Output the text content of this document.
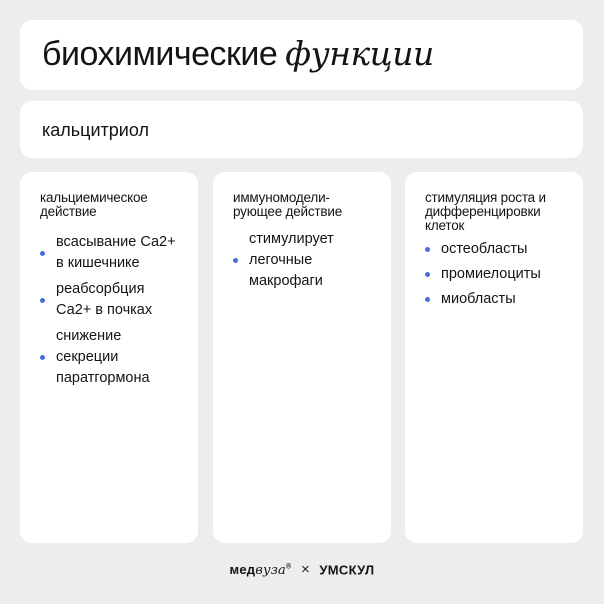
биохимические функции
кальцитриол
кальциемическое
действие
всасывание Са2+
в кишечнике
реабсорбция
Са2+ в почках
снижение
секреции
паратгормона
иммуномодели-
рующее действие
стимулирует
легочные
макрофаги
стимуляция роста и
дифференцировки
клеток
остеобласты
промиелоциты
миобласты
медвуза® × УМСКУЛ
